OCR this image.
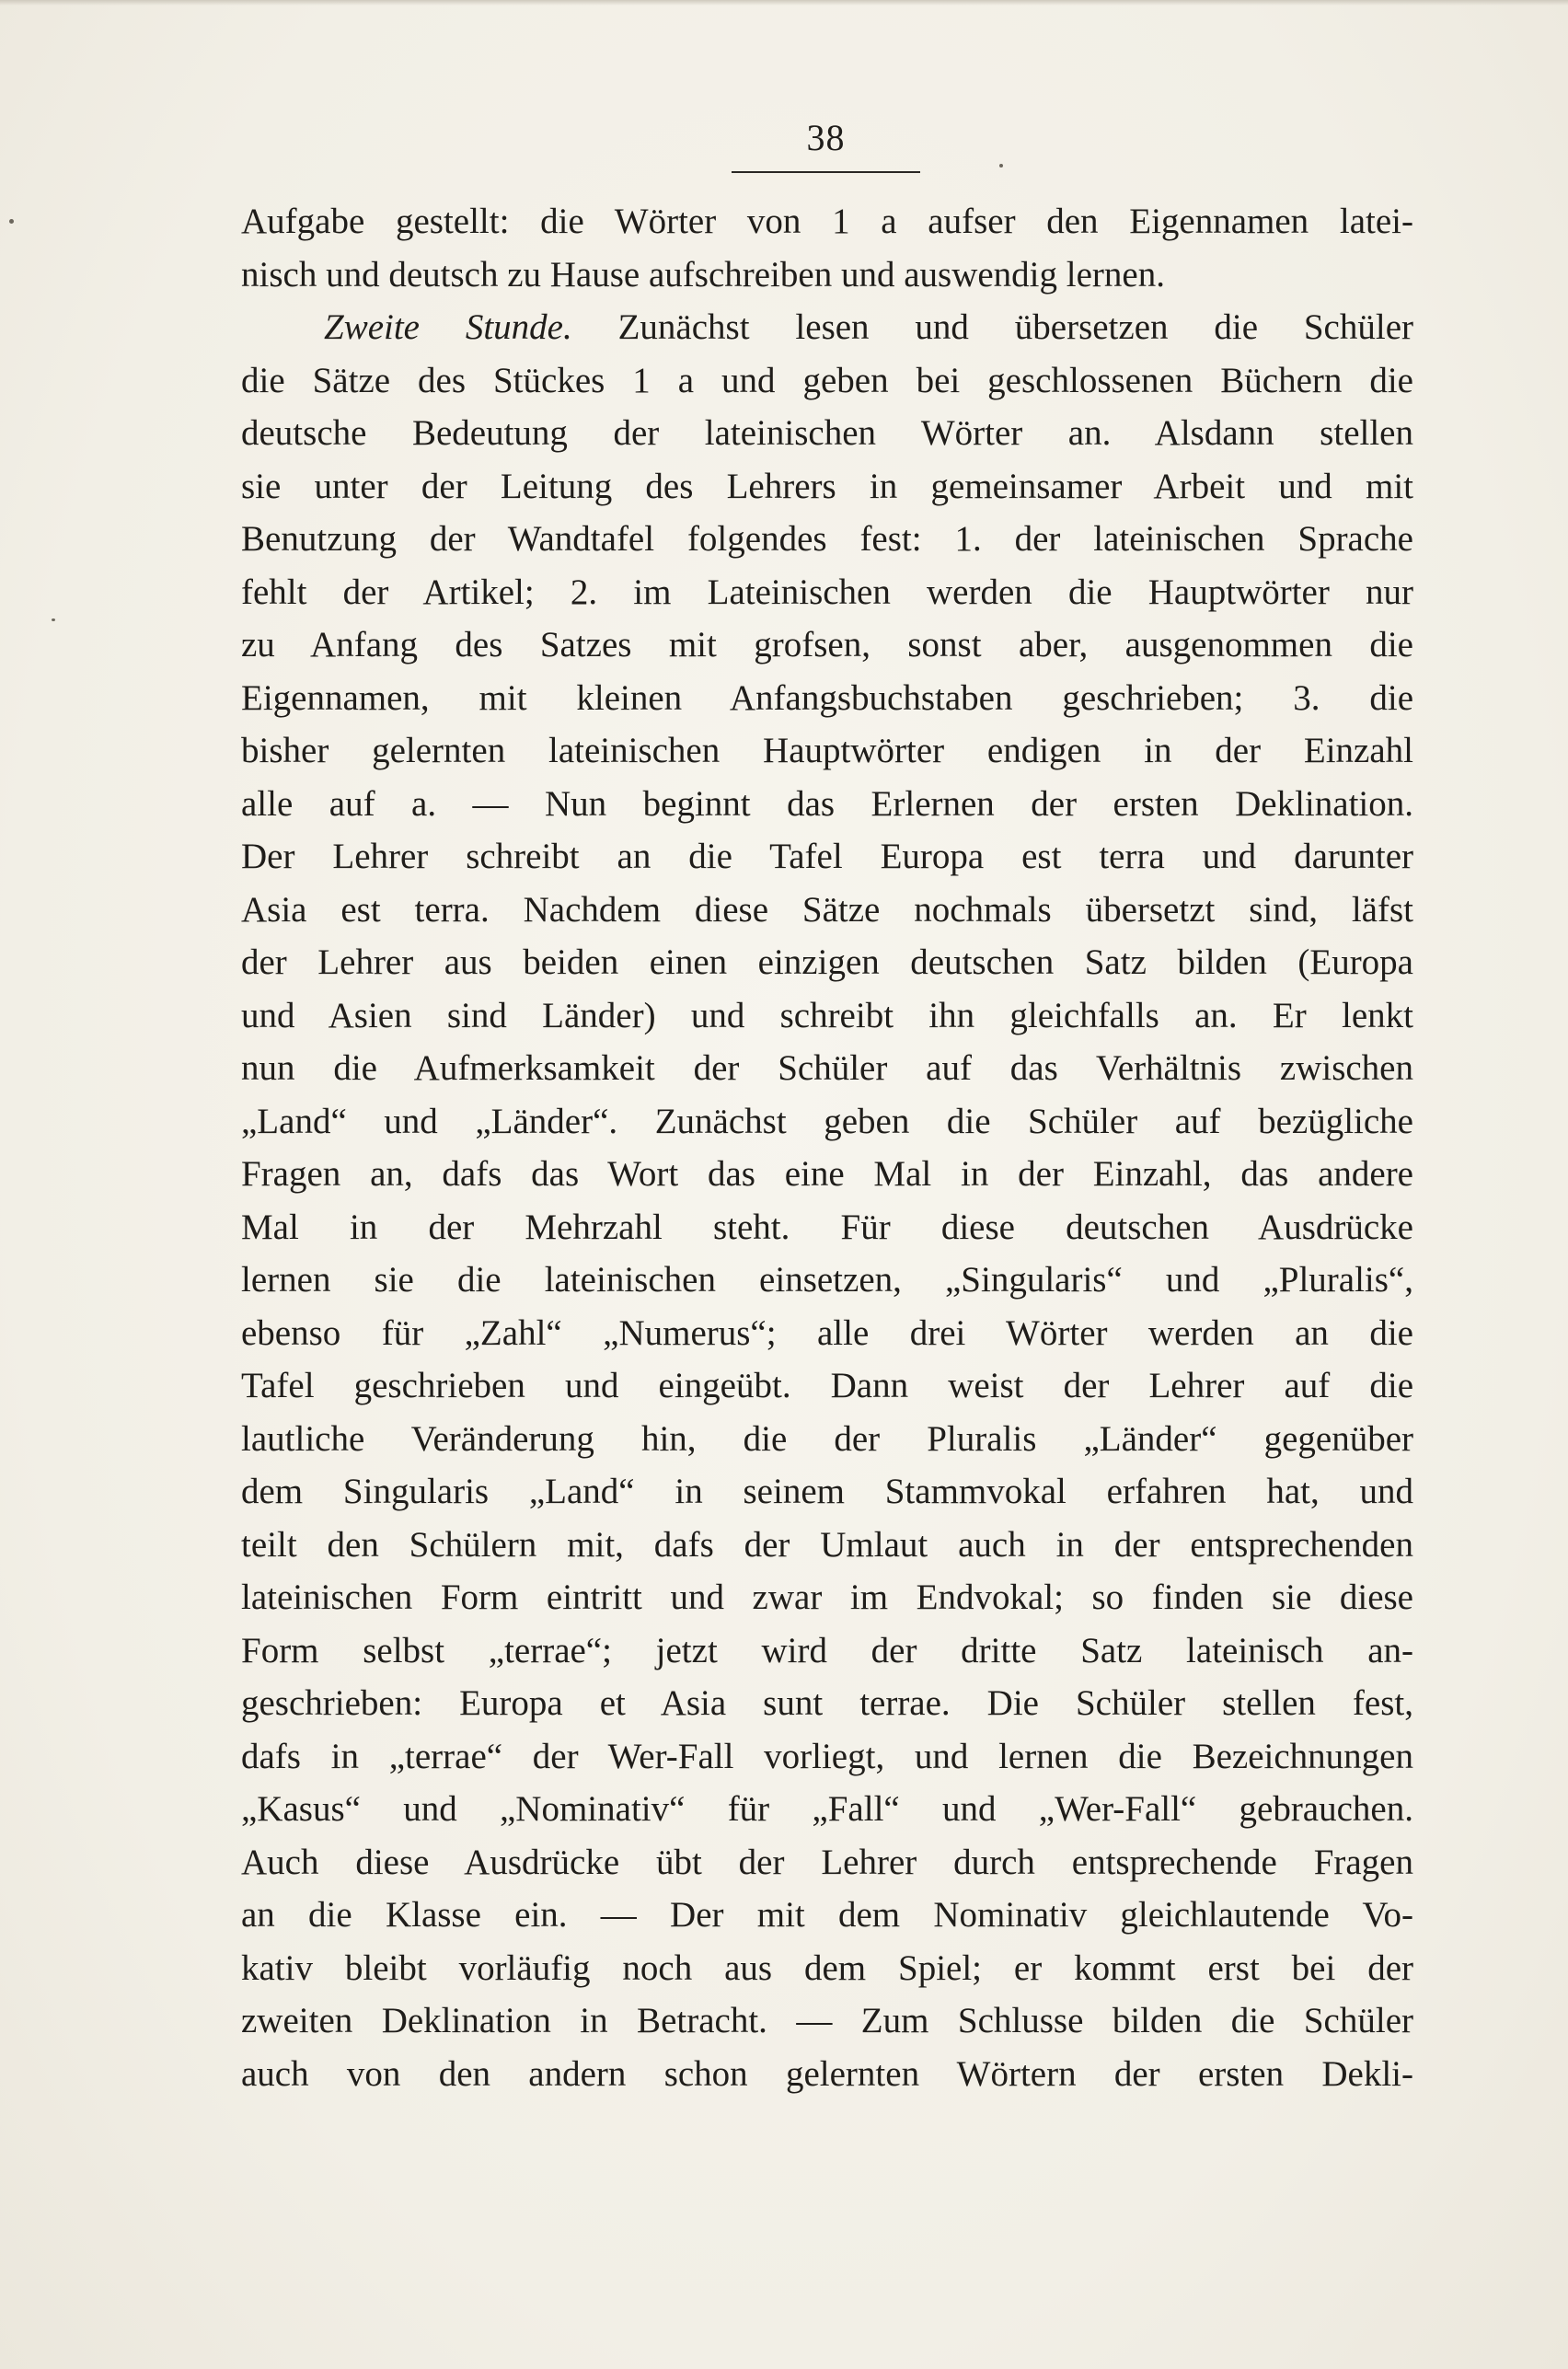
38
Aufgabe gestellt: die Wörter von 1 a aufser den Eigennamen latei-
nisch und deutsch zu Hause aufschreiben und auswendig lernen.
Zweite Stunde. Zunächst lesen und übersetzen die Schüler
die Sätze des Stückes 1 a und geben bei geschlossenen Büchern die
deutsche Bedeutung der lateinischen Wörter an. Alsdann stellen
sie unter der Leitung des Lehrers in gemeinsamer Arbeit und mit
Benutzung der Wandtafel folgendes fest: 1. der lateinischen Sprache
fehlt der Artikel; 2. im Lateinischen werden die Hauptwörter nur
zu Anfang des Satzes mit grofsen, sonst aber, ausgenommen die
Eigennamen, mit kleinen Anfangsbuchstaben geschrieben; 3. die
bisher gelernten lateinischen Hauptwörter endigen in der Einzahl
alle auf a. — Nun beginnt das Erlernen der ersten Deklination.
Der Lehrer schreibt an die Tafel Europa est terra und darunter
Asia est terra. Nachdem diese Sätze nochmals übersetzt sind, läfst
der Lehrer aus beiden einen einzigen deutschen Satz bilden (Europa
und Asien sind Länder) und schreibt ihn gleichfalls an. Er lenkt
nun die Aufmerksamkeit der Schüler auf das Verhältnis zwischen
„Land“ und „Länder“. Zunächst geben die Schüler auf bezügliche
Fragen an, dafs das Wort das eine Mal in der Einzahl, das andere
Mal in der Mehrzahl steht. Für diese deutschen Ausdrücke
lernen sie die lateinischen einsetzen, „Singularis“ und „Pluralis“,
ebenso für „Zahl“ „Numerus“; alle drei Wörter werden an die
Tafel geschrieben und eingeübt. Dann weist der Lehrer auf die
lautliche Veränderung hin, die der Pluralis „Länder“ gegenüber
dem Singularis „Land“ in seinem Stammvokal erfahren hat, und
teilt den Schülern mit, dafs der Umlaut auch in der entsprechenden
lateinischen Form eintritt und zwar im Endvokal; so finden sie diese
Form selbst „terrae“; jetzt wird der dritte Satz lateinisch an-
geschrieben: Europa et Asia sunt terrae. Die Schüler stellen fest,
dafs in „terrae“ der Wer-Fall vorliegt, und lernen die Bezeichnungen
„Kasus“ und „Nominativ“ für „Fall“ und „Wer-Fall“ gebrauchen.
Auch diese Ausdrücke übt der Lehrer durch entsprechende Fragen
an die Klasse ein. — Der mit dem Nominativ gleichlautende Vo-
kativ bleibt vorläufig noch aus dem Spiel; er kommt erst bei der
zweiten Deklination in Betracht. — Zum Schlusse bilden die Schüler
auch von den andern schon gelernten Wörtern der ersten Dekli-
